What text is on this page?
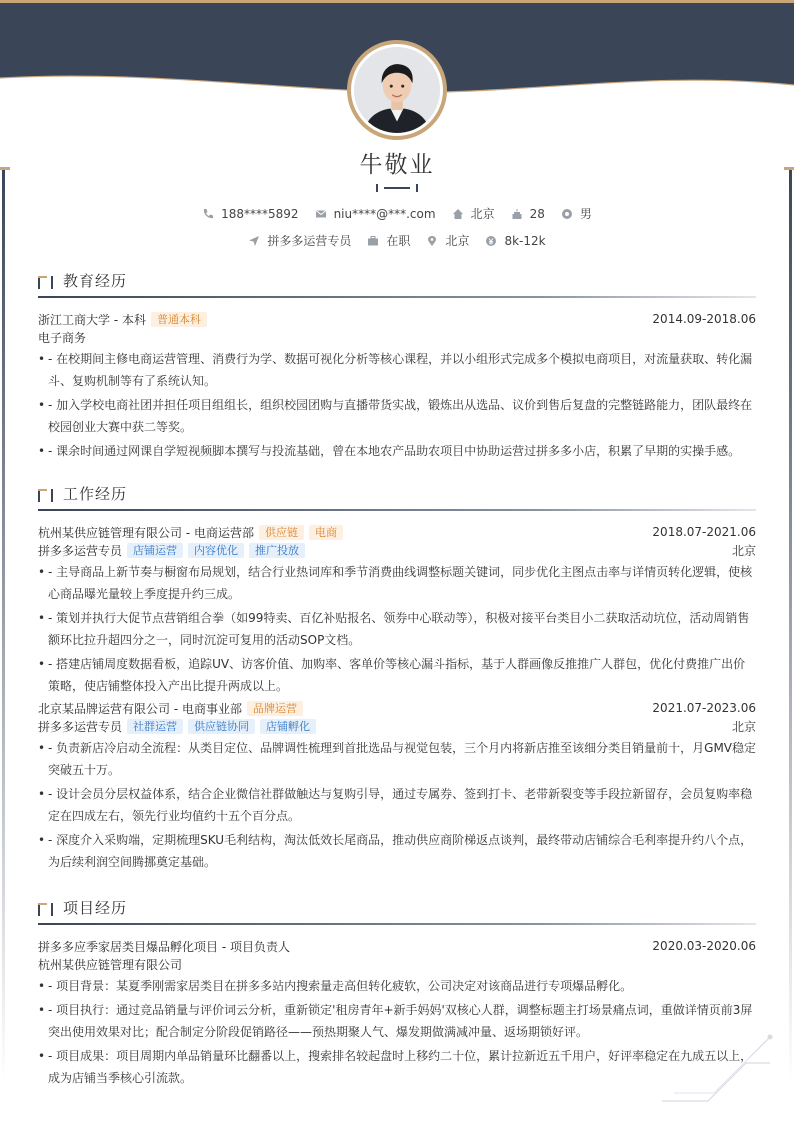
牛敬业
188****5892	niu****@***.com	北京	28	男
拼多多运营专员	在职	北京	8k-12k
教育经历
浙江工商大学 - 本科	普通本科	2014.09-2018.06
电子商务
• - 在校期间主修电商运营管理、消费行为学、数据可视化分析等核心课程，并以小组形式完成多个模拟电商项目，对流量获取、转化漏斗、复购机制等有了系统认知。
• - 加入学校电商社团并担任项目组组长，组织校园团购与直播带货实战，锻炼出从选品、议价到售后复盘的完整链路能力，团队最终在校园创业大赛中获二等奖。
• - 课余时间通过网课自学短视频脚本撰写与投流基础，曾在本地农产品助农项目中协助运营过拼多多小店，积累了早期的实操手感。
工作经历
杭州某供应链管理有限公司 - 电商运营部	供应链	电商	2018.07-2021.06
拼多多运营专员	店铺运营	内容优化	推广投放	北京
• - 主导商品上新节奏与橱窗布局规划，结合行业热词库和季节消费曲线调整标题关键词，同步优化主图点击率与详情页转化逻辑，使核心商品曝光量较上季度提升约三成。
• - 策划并执行大促节点营销组合拳（如99特卖、百亿补贴报名、领券中心联动等），积极对接平台类目小二获取活动坑位，活动周销售额环比拉升超四分之一，同时沉淀可复用的活动SOP文档。
• - 搭建店铺周度数据看板，追踪UV、访客价值、加购率、客单价等核心漏斗指标，基于人群画像反推推广人群包，优化付费推广出价策略，使店铺整体投入产出比提升两成以上。
北京某品牌运营有限公司 - 电商事业部	品牌运营	2021.07-2023.06
拼多多运营专员	社群运营	供应链协同	店铺孵化	北京
• - 负责新店冷启动全流程：从类目定位、品牌调性梳理到首批选品与视觉包装，三个月内将新店推至该细分类目销量前十，月GMV稳定突破五十万。
• - 设计会员分层权益体系，结合企业微信社群做触达与复购引导，通过专属券、签到打卡、老带新裂变等手段拉新留存，会员复购率稳定在四成左右，领先行业均值约十五个百分点。
• - 深度介入采购端，定期梳理SKU毛利结构，淘汰低效长尾商品，推动供应商阶梯返点谈判，最终带动店铺综合毛利率提升约八个点，为后续利润空间腾挪奠定基础。
项目经历
拼多多应季家居类目爆品孵化项目 - 项目负责人	2020.03-2020.06
杭州某供应链管理有限公司
• - 项目背景：某夏季刚需家居类目在拼多多站内搜索量走高但转化疲软，公司决定对该商品进行专项爆品孵化。
• - 项目执行：通过竞品销量与评价词云分析，重新锁定'租房青年+新手妈妈'双核心人群，调整标题主打场景痛点词，重做详情页前3屏突出使用效果对比；配合制定分阶段促销路径——预热期聚人气、爆发期做满减冲量、返场期锁好评。
• - 项目成果：项目周期内单品销量环比翻番以上，搜索排名较起盘时上移约二十位，累计拉新近五千用户，好评率稳定在九成五以上，成为店铺当季核心引流款。
